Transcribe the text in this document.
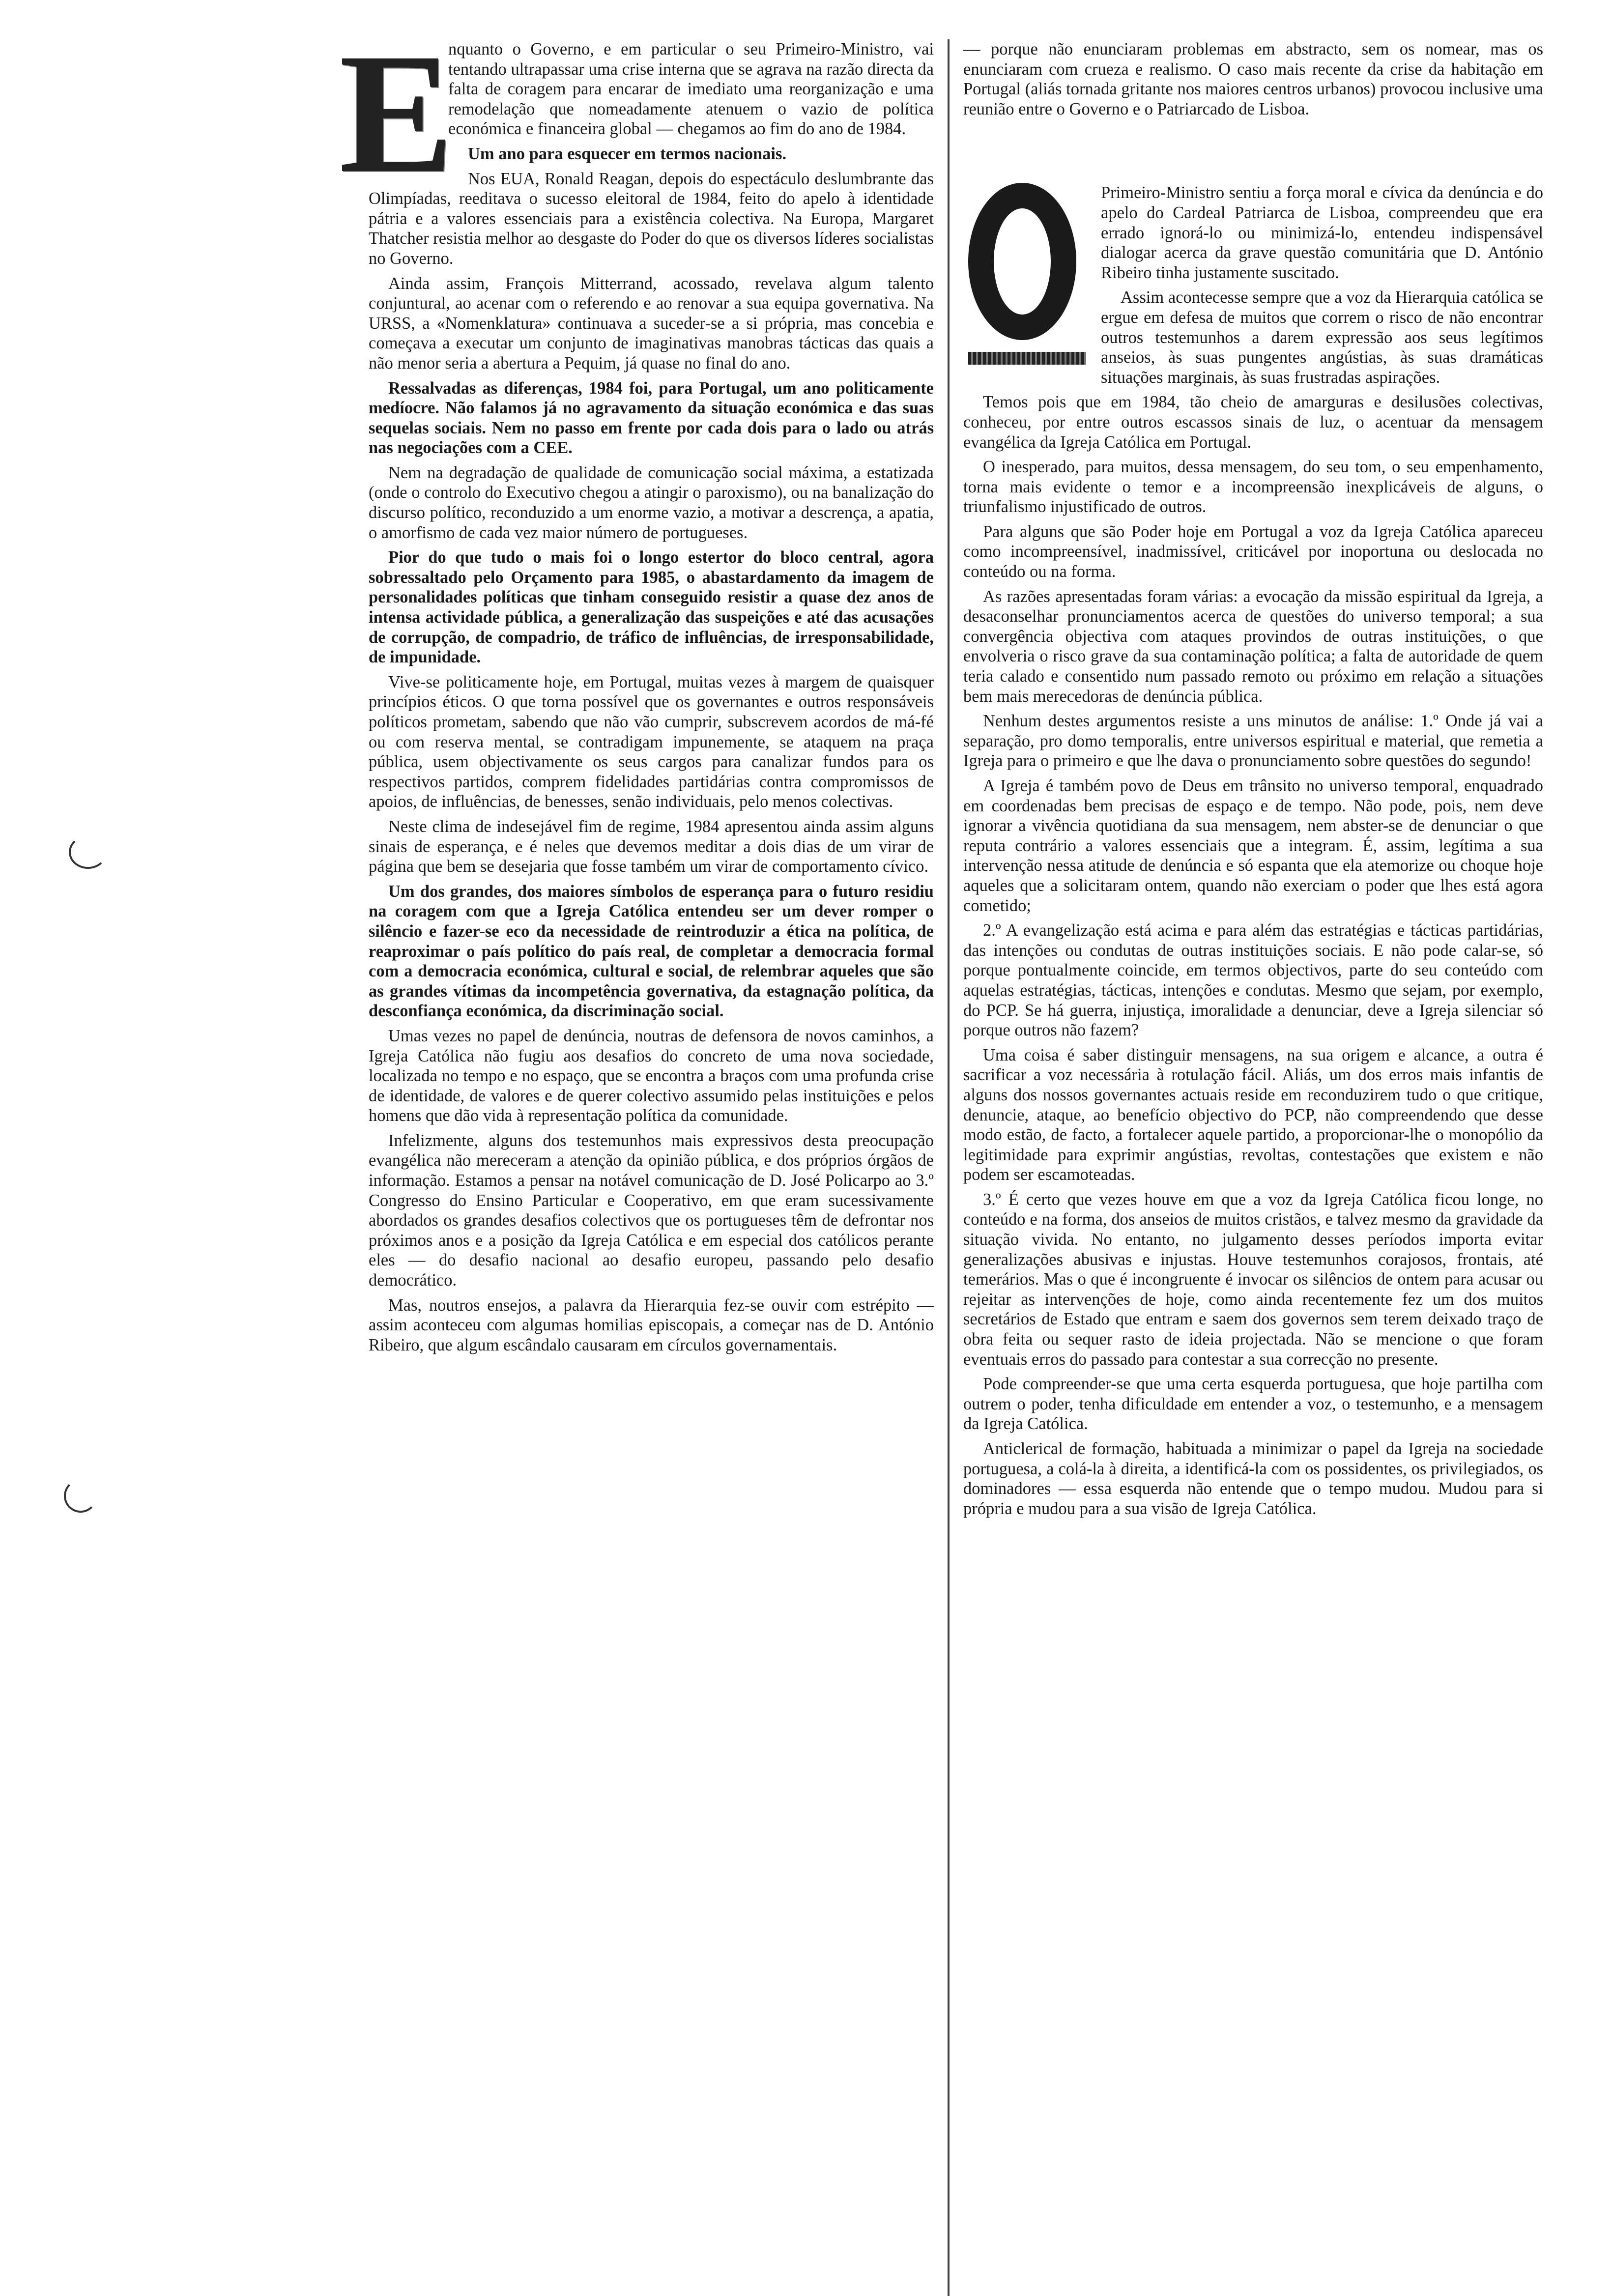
E

nquanto o Governo, e em particular o seu Primeiro-Ministro, vai tentando ultrapassar uma crise interna que se agrava na razão directa da falta de coragem para encarar de imediato uma reorganização e uma remodelação que nomeadamente atenuem o vazio de política económica e financeira global — chegamos ao fim do ano de 1984.

Um ano para esquecer em termos nacionais.

Nos EUA, Ronald Reagan, depois do espectáculo deslumbrante das Olimpíadas, reeditava o sucesso eleitoral de 1984, feito do apelo à identidade pátria e a valores essenciais para a existência colectiva. Na Europa, Margaret Thatcher resistia melhor ao desgaste do Poder do que os diversos líderes socialistas no Governo.

Ainda assim, François Mitterrand, acossado, revelava algum talento conjuntural, ao acenar com o referendo e ao renovar a sua equipa governativa. Na URSS, a «Nomenklatura» continuava a suceder-se a si própria, mas concebia e começava a executar um conjunto de imaginativas manobras tácticas das quais a não menor seria a abertura a Pequim, já quase no final do ano.

Ressalvadas as diferenças, 1984 foi, para Portugal, um ano politicamente medíocre. Não falamos já no agravamento da situação económica e das suas sequelas sociais. Nem no passo em frente por cada dois para o lado ou atrás nas negociações com a CEE.

Nem na degradação de qualidade de comunicação social máxima, a estatizada (onde o controlo do Executivo chegou a atingir o paroxismo), ou na banalização do discurso político, reconduzido a um enorme vazio, a motivar a descrença, a apatia, o amorfismo de cada vez maior número de portugueses.

Pior do que tudo o mais foi o longo estertor do bloco central, agora sobressaltado pelo Orçamento para 1985, o abastardamento da imagem de personalidades políticas que tinham conseguido resistir a quase dez anos de intensa actividade pública, a generalização das suspeições e até das acusações de corrupção, de compadrio, de tráfico de influências, de irresponsabilidade, de impunidade.

Vive-se politicamente hoje, em Portugal, muitas vezes à margem de quaisquer princípios éticos. O que torna possível que os governantes e outros responsáveis políticos prometam, sabendo que não vão cumprir, subscrevem acordos de má-fé ou com reserva mental, se contradigam impunemente, se ataquem na praça pública, usem objectivamente os seus cargos para canalizar fundos para os respectivos partidos, comprem fidelidades partidárias contra compromissos de apoios, de influências, de benesses, senão individuais, pelo menos colectivas.

Neste clima de indesejável fim de regime, 1984 apresentou ainda assim alguns sinais de esperança, e é neles que devemos meditar a dois dias de um virar de página que bem se desejaria que fosse também um virar de comportamento cívico.

Um dos grandes, dos maiores símbolos de esperança para o futuro residiu na coragem com que a Igreja Católica entendeu ser um dever romper o silêncio e fazer-se eco da necessidade de reintroduzir a ética na política, de reaproximar o país político do país real, de completar a democracia formal com a democracia económica, cultural e social, de relembrar aqueles que são as grandes vítimas da incompetência governativa, da estagnação política, da desconfiança económica, da discriminação social.

Umas vezes no papel de denúncia, noutras de defensora de novos caminhos, a Igreja Católica não fugiu aos desafios do concreto de uma nova sociedade, localizada no tempo e no espaço, que se encontra a braços com uma profunda crise de identidade, de valores e de querer colectivo assumido pelas instituições e pelos homens que dão vida à representação política da comunidade.

Infelizmente, alguns dos testemunhos mais expressivos desta preocupação evangélica não mereceram a atenção da opinião pública, e dos próprios órgãos de informação. Estamos a pensar na notável comunicação de D. José Policarpo ao 3.º Congresso do Ensino Particular e Cooperativo, em que eram sucessivamente abordados os grandes desafios colectivos que os portugueses têm de defrontar nos próximos anos e a posição da Igreja Católica e em especial dos católicos perante eles — do desafio nacional ao desafio europeu, passando pelo desafio democrático.

Mas, noutros ensejos, a palavra da Hierarquia fez-se ouvir com estrépito — assim aconteceu com algumas homilias episcopais, a começar nas de D. António Ribeiro, que algum escândalo causaram em círculos governamentais.

— porque não enunciaram problemas em abstracto, sem os nomear, mas os enunciaram com crueza e realismo. O caso mais recente da crise da habitação em Portugal (aliás tornada gritante nos maiores centros urbanos) provocou inclusive uma reunião entre o Governo e o Patriarcado de Lisboa.

Primeiro-Ministro sentiu a força moral e cívica da denúncia e do apelo do Cardeal Patriarca de Lisboa, compreendeu que era errado ignorá-lo ou minimizá-lo, entendeu indispensável dialogar acerca da grave questão comunitária que D. António Ribeiro tinha justamente suscitado.

Assim acontecesse sempre que a voz da Hierarquia católica se ergue em defesa de muitos que correm o risco de não encontrar outros testemunhos a darem expressão aos seus legítimos anseios, às suas pungentes angústias, às suas dramáticas situações marginais, às suas frustradas aspirações.

Temos pois que em 1984, tão cheio de amarguras e desilusões colectivas, conheceu, por entre outros escassos sinais de luz, o acentuar da mensagem evangélica da Igreja Católica em Portugal.

O inesperado, para muitos, dessa mensagem, do seu tom, o seu empenhamento, torna mais evidente o temor e a incompreensão inexplicáveis de alguns, o triunfalismo injustificado de outros.

Para alguns que são Poder hoje em Portugal a voz da Igreja Católica apareceu como incompreensível, inadmissível, criticável por inoportuna ou deslocada no conteúdo ou na forma.

As razões apresentadas foram várias: a evocação da missão espiritual da Igreja, a desaconselhar pronunciamentos acerca de questões do universo temporal; a sua convergência objectiva com ataques provindos de outras instituições, o que envolveria o risco grave da sua contaminação política; a falta de autoridade de quem teria calado e consentido num passado remoto ou próximo em relação a situações bem mais merecedoras de denúncia pública.

Nenhum destes argumentos resiste a uns minutos de análise: 1.º Onde já vai a separação, pro domo temporalis, entre universos espiritual e material, que remetia a Igreja para o primeiro e que lhe dava o pronunciamento sobre questões do segundo!

A Igreja é também povo de Deus em trânsito no universo temporal, enquadrado em coordenadas bem precisas de espaço e de tempo. Não pode, pois, nem deve ignorar a vivência quotidiana da sua mensagem, nem abster-se de denunciar o que reputa contrário a valores essenciais que a integram. É, assim, legítima a sua intervenção nessa atitude de denúncia e só espanta que ela atemorize ou choque hoje aqueles que a solicitaram ontem, quando não exerciam o poder que lhes está agora cometido;

2.º A evangelização está acima e para além das estratégias e tácticas partidárias, das intenções ou condutas de outras instituições sociais. E não pode calar-se, só porque pontualmente coincide, em termos objectivos, parte do seu conteúdo com aquelas estratégias, tácticas, intenções e condutas. Mesmo que sejam, por exemplo, do PCP. Se há guerra, injustiça, imoralidade a denunciar, deve a Igreja silenciar só porque outros não fazem?

Uma coisa é saber distinguir mensagens, na sua origem e alcance, a outra é sacrificar a voz necessária à rotulação fácil. Aliás, um dos erros mais infantis de alguns dos nossos governantes actuais reside em reconduzirem tudo o que critique, denuncie, ataque, ao benefício objectivo do PCP, não compreendendo que desse modo estão, de facto, a fortalecer aquele partido, a proporcionar-lhe o monopólio da legitimidade para exprimir angústias, revoltas, contestações que existem e não podem ser escamoteadas.

3.º É certo que vezes houve em que a voz da Igreja Católica ficou longe, no conteúdo e na forma, dos anseios de muitos cristãos, e talvez mesmo da gravidade da situação vivida. No entanto, no julgamento desses períodos importa evitar generalizações abusivas e injustas. Houve testemunhos corajosos, frontais, até temerários. Mas o que é incongruente é invocar os silêncios de ontem para acusar ou rejeitar as intervenções de hoje, como ainda recentemente fez um dos muitos secretários de Estado que entram e saem dos governos sem terem deixado traço de obra feita ou sequer rasto de ideia projectada. Não se mencione o que foram eventuais erros do passado para contestar a sua correcção no presente.

Pode compreender-se que uma certa esquerda portuguesa, que hoje partilha com outrem o poder, tenha dificuldade em entender a voz, o testemunho, e a mensagem da Igreja Católica.

Anticlerical de formação, habituada a minimizar o papel da Igreja na sociedade portuguesa, a colá-la à direita, a identificá-la com os possidentes, os privilegiados, os dominadores — essa esquerda não entende que o tempo mudou. Mudou para si própria e mudou para a sua visão de Igreja Católica.
